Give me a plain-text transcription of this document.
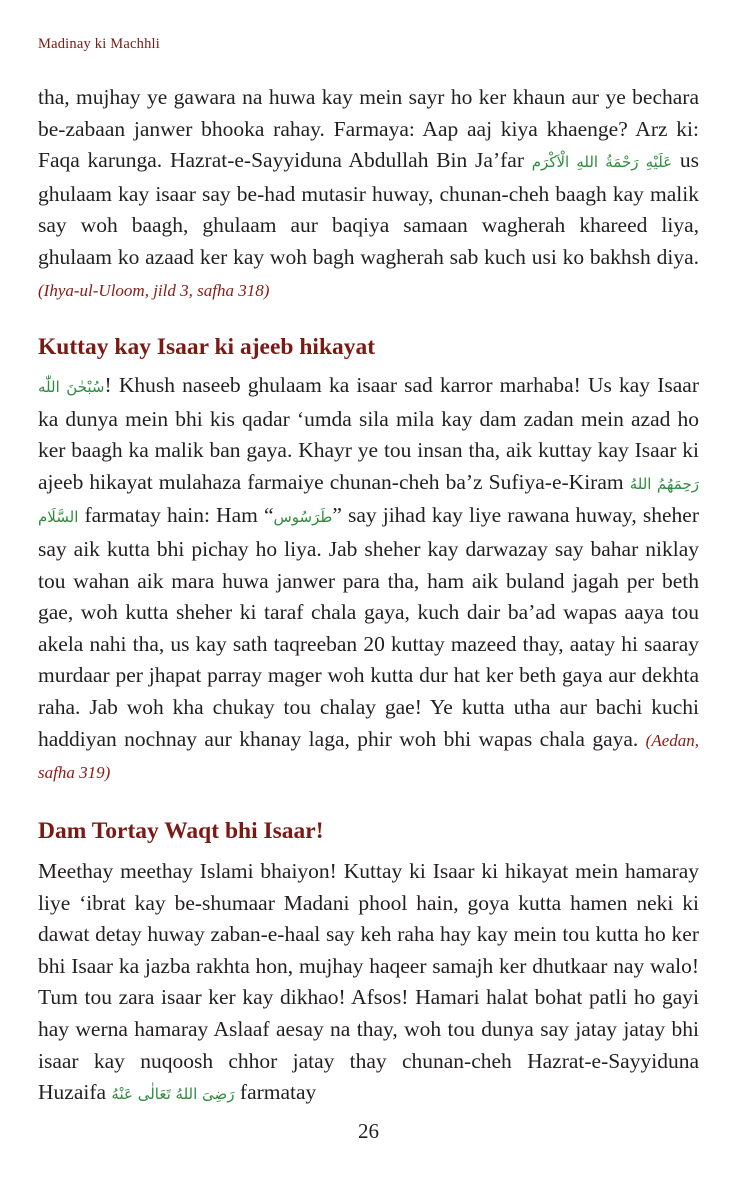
Madinay ki Machhli

tha, mujhay ye gawara na huwa kay mein sayr ho ker khaun aur ye bechara be-zabaan janwer bhooka rahay. Farmaya: Aap aaj kiya khaenge? Arz ki: Faqa karunga. Hazrat-e-Sayyiduna Abdullah Bin Ja’far عَلَيْهِ رَحْمَةُ اللهِ الْاَكْرَم us ghulaam kay isaar say be-had mutasir huway, chunan-cheh baagh kay malik say woh baagh, ghulaam aur baqiya samaan wagherah khareed liya, ghulaam ko azaad ker kay woh bagh wagherah sab kuch usi ko bakhsh diya. (Ihya-ul-Uloom, jild 3, safha 318)

Kuttay kay Isaar ki ajeeb hikayat

سُبْحٰنَ اللّٰه! Khush naseeb ghulaam ka isaar sad karror marhaba! Us kay Isaar ka dunya mein bhi kis qadar ‘umda sila mila kay dam zadan mein azad ho ker baagh ka malik ban gaya. Khayr ye tou insan tha, aik kuttay kay Isaar ki ajeeb hikayat mulahaza farmaiye chunan-cheh ba’z Sufiya-e-Kiram رَحِمَهُمُ اللهُ السَّلَام farmatay hain: Ham “طَرَسُوس” say jihad kay liye rawana huway, sheher say aik kutta bhi pichay ho liya. Jab sheher kay darwazay say bahar niklay tou wahan aik mara huwa janwer para tha, ham aik buland jagah per beth gae, woh kutta sheher ki taraf chala gaya, kuch dair ba’ad wapas aaya tou akela nahi tha, us kay sath taqreeban 20 kuttay mazeed thay, aatay hi saaray murdaar per jhapat parray mager woh kutta dur hat ker beth gaya aur dekhta raha. Jab woh kha chukay tou chalay gae! Ye kutta utha aur bachi kuchi haddiyan nochnay aur khanay laga, phir woh bhi wapas chala gaya. (Aedan, safha 319)

Dam Tortay Waqt bhi Isaar!

Meethay meethay Islami bhaiyon! Kuttay ki Isaar ki hikayat mein hamaray liye ‘ibrat kay be-shumaar Madani phool hain, goya kutta hamen neki ki dawat detay huway zaban-e-haal say keh raha hay kay mein tou kutta ho ker bhi Isaar ka jazba rakhta hon, mujhay haqeer samajh ker dhutkaar nay walo! Tum tou zara isaar ker kay dikhao! Afsos! Hamari halat bohat patli ho gayi hay werna hamaray Aslaaf aesay na thay, woh tou dunya say jatay jatay bhi isaar kay nuqoosh chhor jatay thay chunan-cheh Hazrat-e-Sayyiduna Huzaifa رَضِیَ اللهُ تَعَالٰی عَنْهُ farmatay

26
